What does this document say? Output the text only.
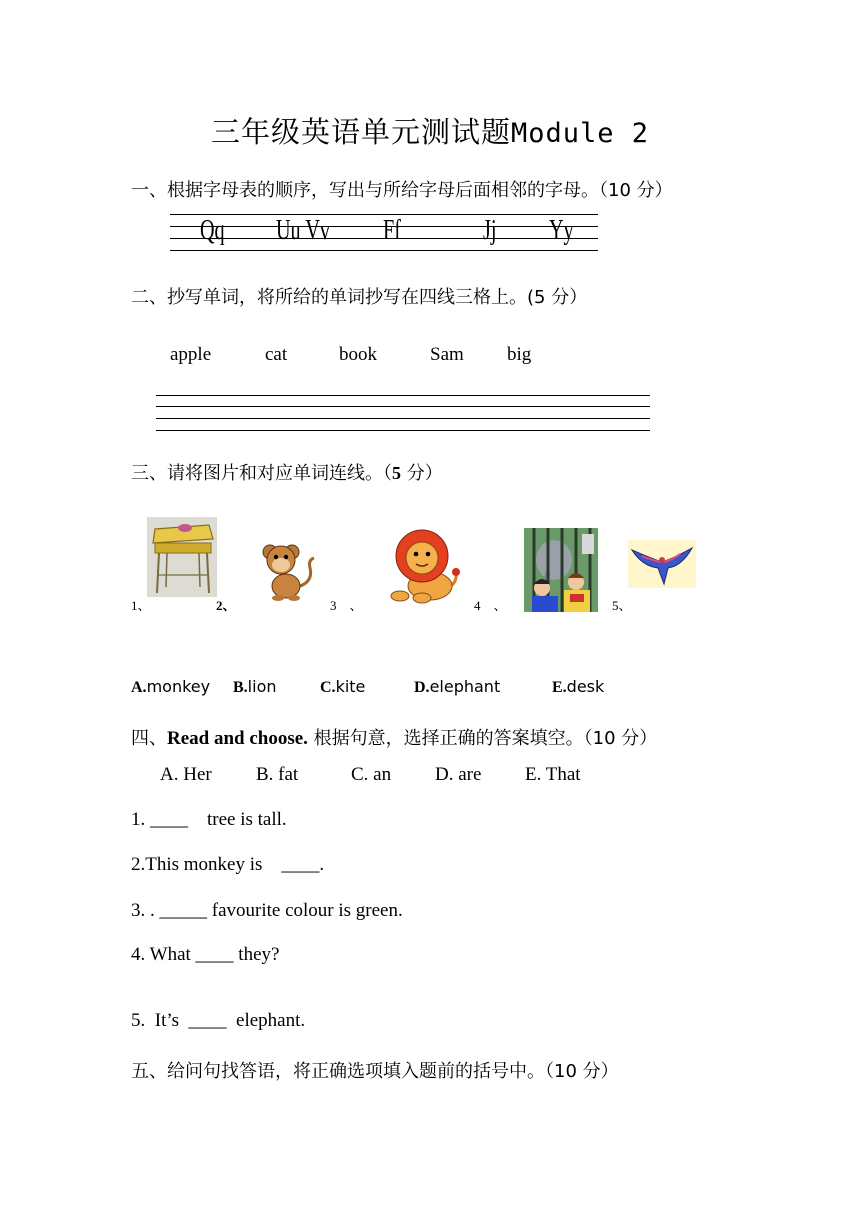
三年级英语单元测试题Module 2
一、根据字母表的顺序，写出与所给字母后面相邻的字母。（10 分）
Qq Uu Vv Ff	Jj Yy
二、抄写单词，将所给的单词抄写在四线三格上。(5 分）
apple	cat	book	Sam big
三、请将图片和对应单词连线。（5 分）
1、	2、	3　、	4　、	5、
A.monkey B.lion	C.kite	D.elephant	E.desk
四、Read and choose. 根据句意，选择正确的答案填空。（10 分）
A. Her B. fat	C. an D. are E. That
1. ____    tree is tall.
2.This monkey is    ____.
3. . _____ favourite colour is green.
4. What ____ they?
5.  It’s  ____  elephant.
五、给问句找答语，将正确选项填入题前的括号中。（10 分）
